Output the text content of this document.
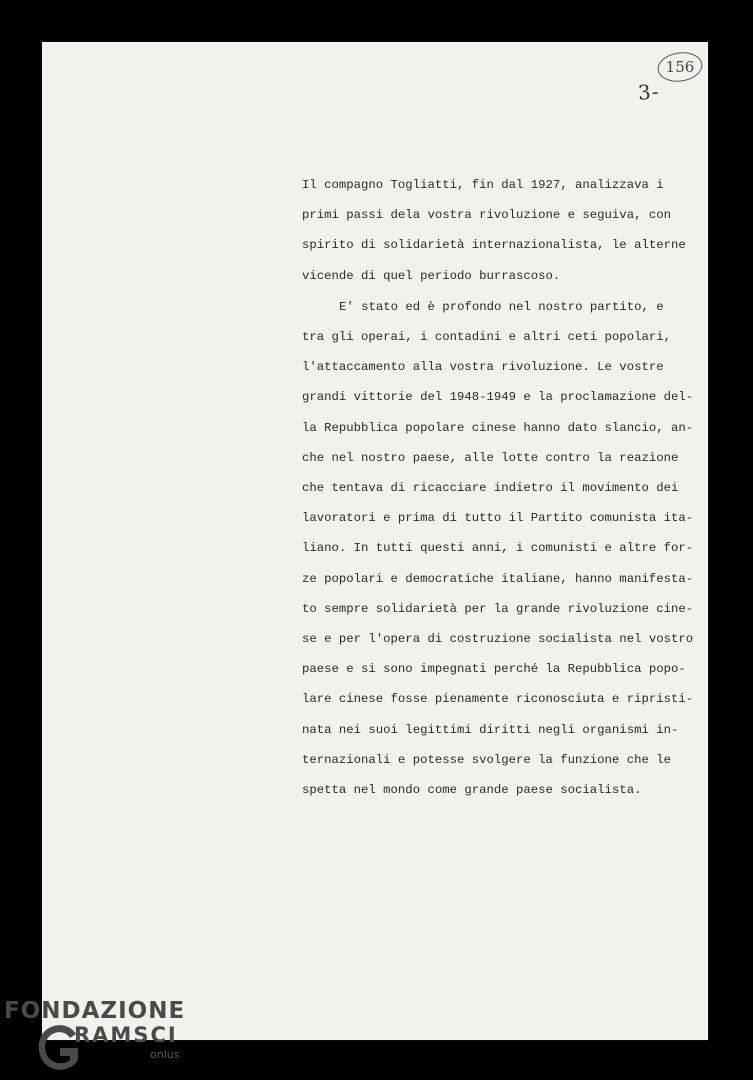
156
3-
Il compagno Togliatti, fin dal 1927, analizzava i
primi passi dela vostra rivoluzione e seguiva, con
spirito di solidarietà internazionalista, le alterne
vicende di quel periodo burrascoso.
E' stato ed è profondo nel nostro partito, e
tra gli operai, i contadini e altri ceti popolari,
l'attaccamento alla vostra rivoluzione. Le vostre
grandi vittorie del 1948-1949 e la proclamazione del-
la Repubblica popolare cinese hanno dato slancio, an-
che nel nostro paese, alle lotte contro la reazione
che tentava di ricacciare indietro il movimento dei
lavoratori e prima di tutto il Partito comunista ita-
liano. In tutti questi anni, i comunisti e altre for-
ze popolari e democratiche italiane, hanno manifesta-
to sempre solidarietà per la grande rivoluzione cine-
se e per l'opera di costruzione socialista nel vostro
paese e si sono impegnati perché la Repubblica popo-
lare cinese fosse pienamente riconosciuta e ripristi-
nata nei suoi legittimi diritti negli organismi in-
ternazionali e potesse svolgere la funzione che le
spetta nel mondo come grande paese socialista.
FONDAZIONE
RAMSCI
onlus
